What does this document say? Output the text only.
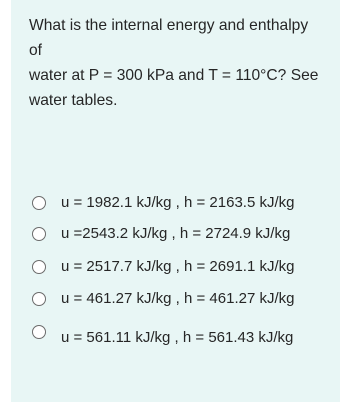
What is the internal energy and enthalpy of
water at P = 300 kPa and T = 110°C? See
water tables.

u = 1982.1 kJ/kg , h = 2163.5 kJ/kg
u =2543.2 kJ/kg , h = 2724.9 kJ/kg
u = 2517.7 kJ/kg , h = 2691.1 kJ/kg
u = 461.27 kJ/kg , h = 461.27 kJ/kg
u = 561.11 kJ/kg , h = 561.43 kJ/kg
